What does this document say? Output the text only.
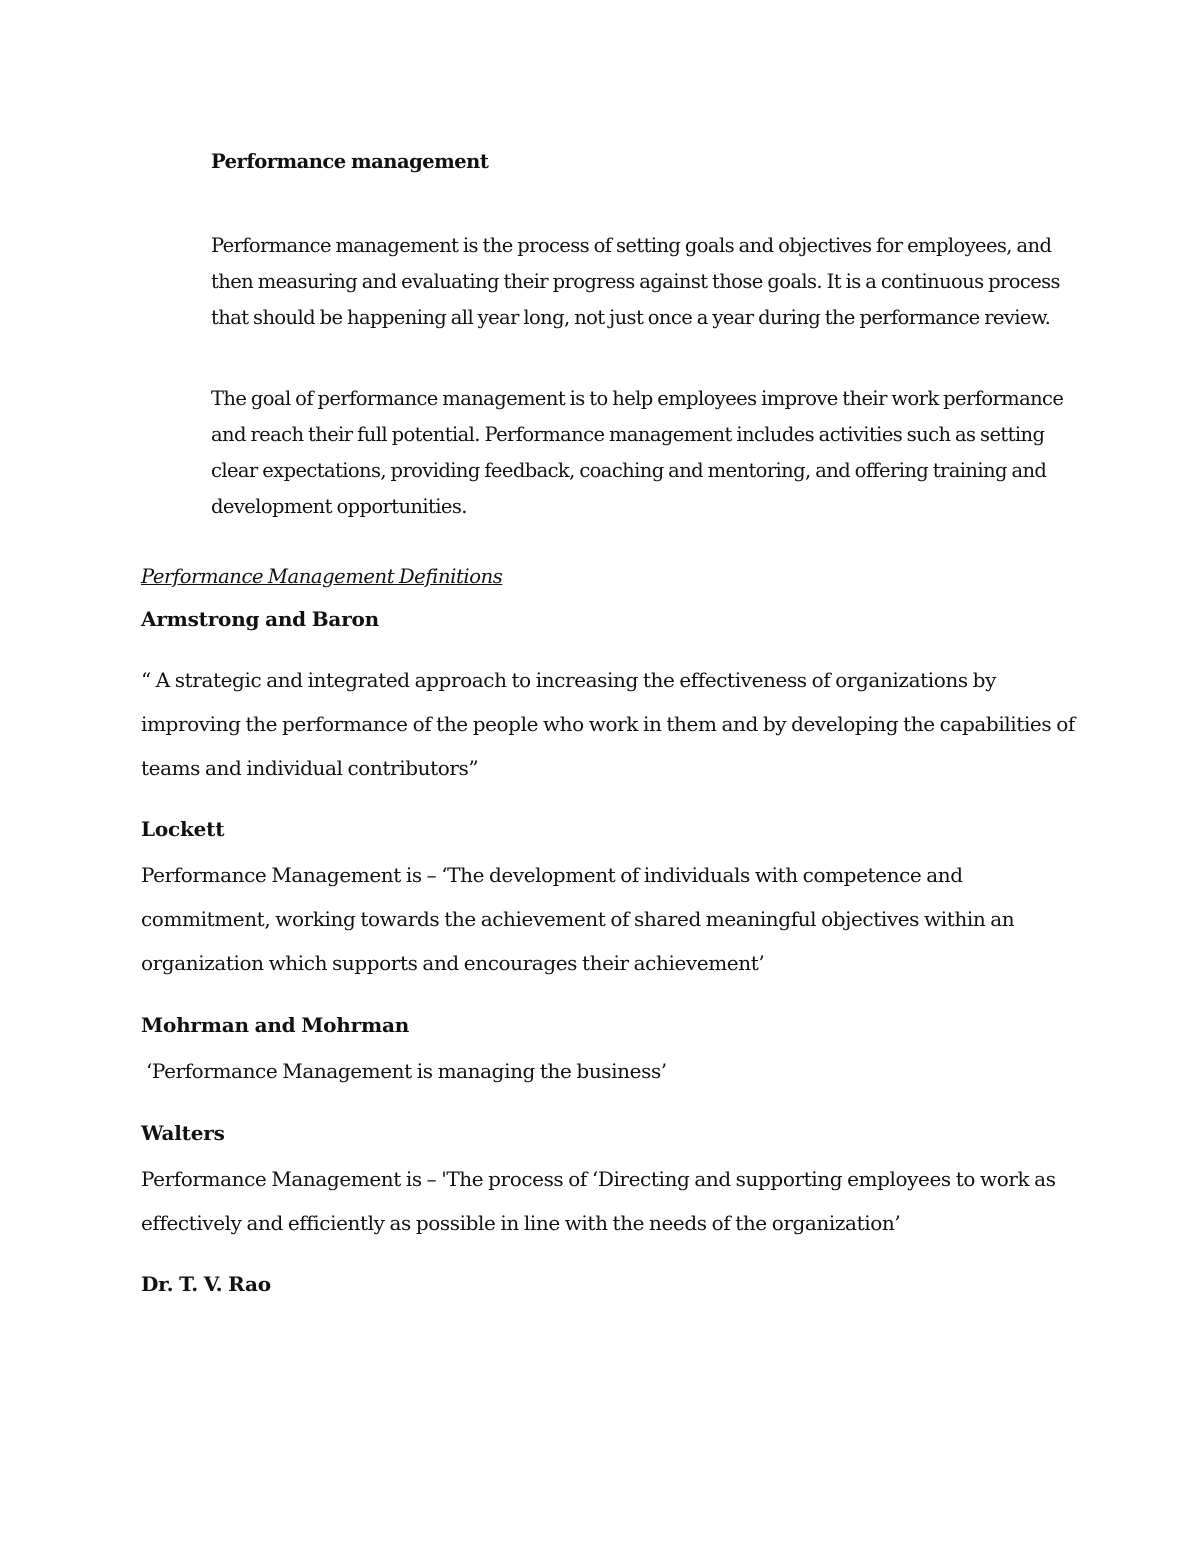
Performance management
Performance management is the process of setting goals and objectives for employees, and then measuring and evaluating their progress against those goals. It is a continuous process that should be happening all year long, not just once a year during the performance review.
The goal of performance management is to help employees improve their work performance and reach their full potential. Performance management includes activities such as setting clear expectations, providing feedback, coaching and mentoring, and offering training and development opportunities.
Performance Management Definitions
Armstrong and Baron
“ A strategic and integrated approach to increasing the effectiveness of organizations by improving the performance of the people who work in them and by developing the capabilities of teams and individual contributors”
Lockett
Performance Management is – ‘The development of individuals with competence and commitment, working towards the achievement of shared meaningful objectives within an organization which supports and encourages their achievement’
Mohrman and Mohrman
‘Performance Management is managing the business’
Walters
Performance Management is – 'The process of ‘Directing and supporting employees to work as effectively and efficiently as possible in line with the needs of the organization’
Dr. T. V. Rao
